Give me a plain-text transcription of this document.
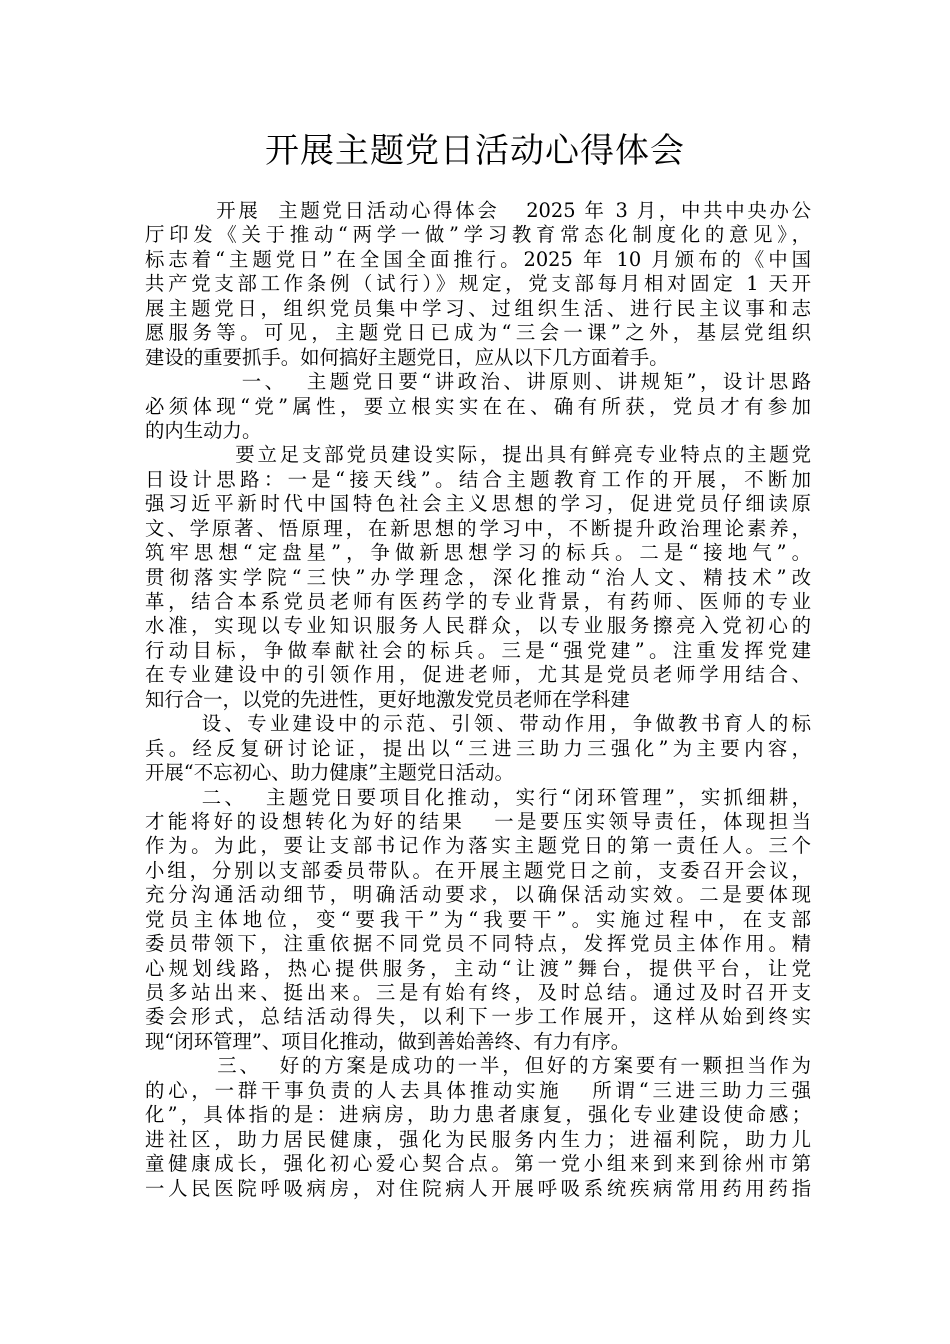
开展主题党日活动心得体会
开展  主题党日活动心得体会   2025 年 3 月，中共中央办公
厅印发《关于推动“两学一做”学习教育常态化制度化的意见》，
标志着“主题党日”在全国全面推行。2025 年 10 月颁布的《中国
共产党支部工作条例（试行）》规定，党支部每月相对固定 1 天开
展主题党日，组织党员集中学习、过组织生活、进行民主议事和志
愿服务等。可见，主题党日已成为“三会一课”之外，基层党组织
建设的重要抓手。如何搞好主题党日，应从以下几方面着手。
一、  主题党日要“讲政治、讲原则、讲规矩”，设计思路
必须体现“党”属性，要立根实实在在、确有所获，党员才有参加
的内生动力。
要立足支部党员建设实际，提出具有鲜亮专业特点的主题党
日设计思路：一是“接天线”。结合主题教育工作的开展，不断加
强习近平新时代中国特色社会主义思想的学习，促进党员仔细读原
文、学原著、悟原理，在新思想的学习中，不断提升政治理论素养，
筑牢思想“定盘星”，争做新思想学习的标兵。二是“接地气”。
贯彻落实学院“三快”办学理念，深化推动“治人文、精技术”改
革，结合本系党员老师有医药学的专业背景，有药师、医师的专业
水准，实现以专业知识服务人民群众，以专业服务擦亮入党初心的
行动目标，争做奉献社会的标兵。三是“强党建”。注重发挥党建
在专业建设中的引领作用，促进老师，尤其是党员老师学用结合、
知行合一，以党的先进性，更好地激发党员老师在学科建
设、专业建设中的示范、引领、带动作用，争做教书育人的标
兵。经反复研讨论证，提出以“三进三助力三强化”为主要内容，
开展“不忘初心、助力健康”主题党日活动。
二、  主题党日要项目化推动，实行“闭环管理”，实抓细耕，
才能将好的设想转化为好的结果   一是要压实领导责任，体现担当
作为。为此，要让支部书记作为落实主题党日的第一责任人。三个
小组，分别以支部委员带队。在开展主题党日之前，支委召开会议，
充分沟通活动细节，明确活动要求，以确保活动实效。二是要体现
党员主体地位，变“要我干”为“我要干”。实施过程中，在支部
委员带领下，注重依据不同党员不同特点，发挥党员主体作用。精
心规划线路，热心提供服务，主动“让渡”舞台，提供平台，让党
员多站出来、挺出来。三是有始有终，及时总结。通过及时召开支
委会形式，总结活动得失，以利下一步工作展开，这样从始到终实
现“闭环管理”、项目化推动，做到善始善终、有力有序。
三、  好的方案是成功的一半，但好的方案要有一颗担当作为
的心，一群干事负责的人去具体推动实施   所谓“三进三助力三强
化”，具体指的是：进病房，助力患者康复，强化专业建设使命感；
进社区，助力居民健康，强化为民服务内生力；进福利院，助力儿
童健康成长，强化初心爱心契合点。第一党小组来到来到徐州市第
一人民医院呼吸病房，对住院病人开展呼吸系统疾病常用药用药指
